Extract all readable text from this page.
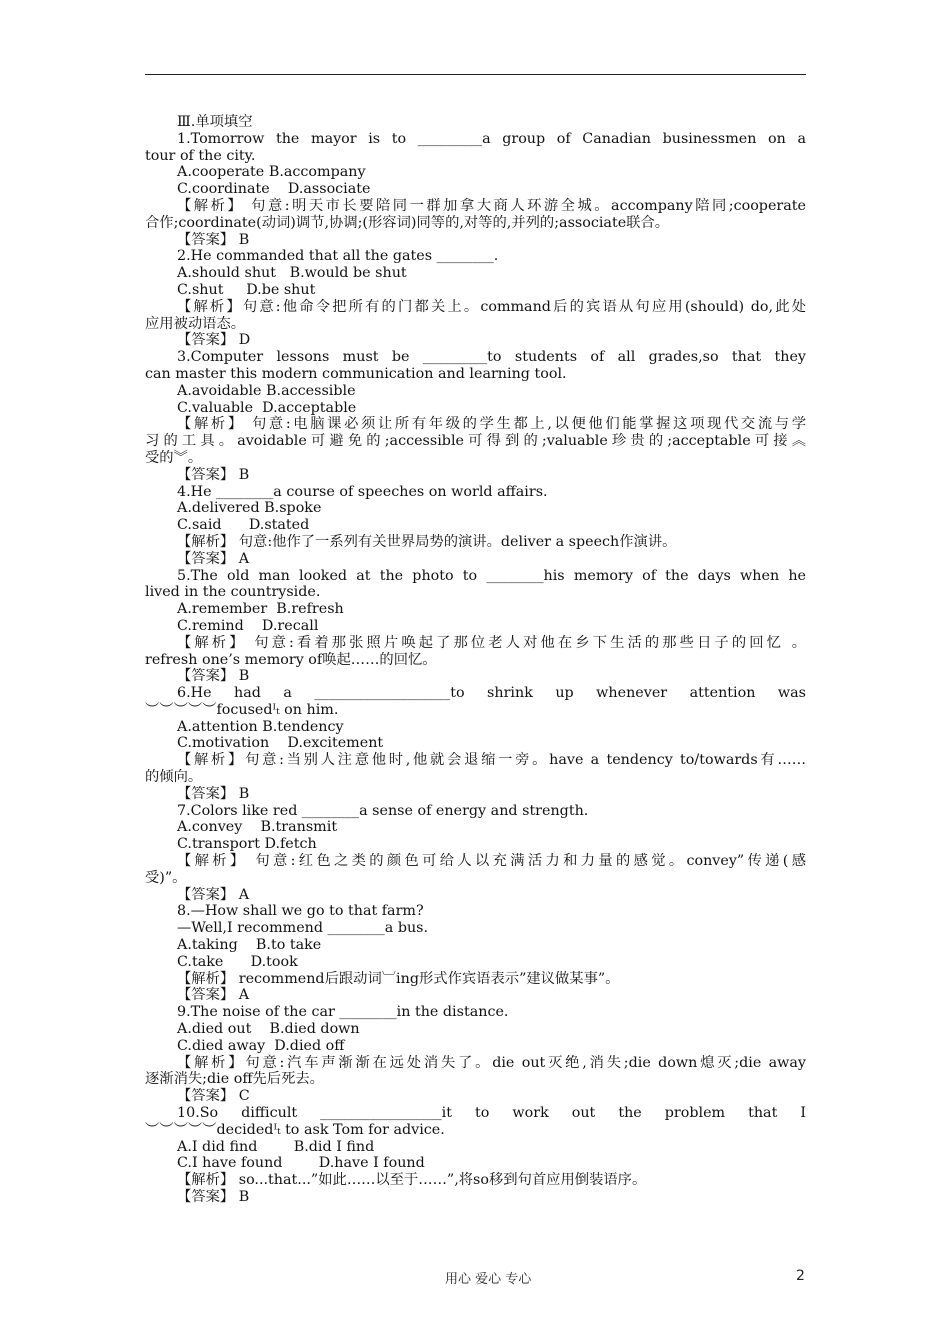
Ⅲ.单项填空
1.Tomorrow the mayor is to _________a group of Canadian businessmen on a
tour of the city.
A.cooperate B.accompany
C.coordinate    D.associate
【解析】 句意:明天市长要陪同一群加拿大商人环游全城。accompany陪同;cooperate
合作;coordinate(动词)调节,协调;(形容词)同等的,对等的,并列的;associate联合。
【答案】 B
2.He commanded that all the gates ________.
A.should shut   B.would be shut
C.shut     D.be shut
【解析】句意:他命令把所有的门都关上。command后的宾语从句应用(should) do,此处
应用被动语态。
【答案】 D
3.Computer lessons must be _________to students of all grades,so that they
can master this modern communication and learning tool.
A.avoidable B.accessible
C.valuable  D.acceptable
【解析】 句意:电脑课必须让所有年级的学生都上,以便他们能掌握这项现代交流与学
习的工具。avoidable可避免的;accessible可得到的;valuable珍贵的;acceptable可接︽
受的︾。
【答案】 B
4.He ________a course of speeches on world affairs.
A.delivered B.spoke
C.said      D.stated
【解析】 句意:他作了一系列有关世界局势的演讲。deliver a speech作演讲。
【答案】 A
5.The old man looked at the photo to ________his memory of the days when he
lived in the countryside.
A.remember  B.refresh
C.remind    D.recall
【解析】 句意:看着那张照片唤起了那位老人对他在乡下生活的那些日子的回忆 。
refresh one’s memory of唤起……的回忆。
【答案】 B
6.He had a ___________________to shrink up whenever attention was
︶︶︶︶︶focusedᴵₜ on him.
A.attention B.tendency
C.motivation    D.excitement
【解析】句意:当别人注意他时,他就会退缩一旁。have a tendency to/towards有……
的倾向。
【答案】 B
7.Colors like red ________a sense of energy and strength.
A.convey    B.transmit
C.transport D.fetch
【解析】 句意:红色之类的颜色可给人以充满活力和力量的感觉。convey”传递(感
受)”。
【答案】 A
8.—How shall we go to that farm?
—Well,I recommend ________a bus.
A.taking    B.to take
C.take      D.took
【解析】 recommend后跟动词︺ing形式作宾语表示”建议做某事”。
【答案】 A
9.The noise of the car ________in the distance.
A.died out    B.died down
C.died away  D.died off
【解析】句意:汽车声渐渐在远处消失了。die out灭绝,消失;die down熄灭;die away
逐渐消失;die off先后死去。
【答案】 C
10.So difficult _________________it to work out the problem that I
︶︶︶︶︶decidedᴵₜ to ask Tom for advice.
A.I did find        B.did I find
C.I have found        D.have I found
【解析】 so...that...”如此……以至于……”,将so移到句首应用倒装语序。
【答案】 B
用心 爱心 专心	2
